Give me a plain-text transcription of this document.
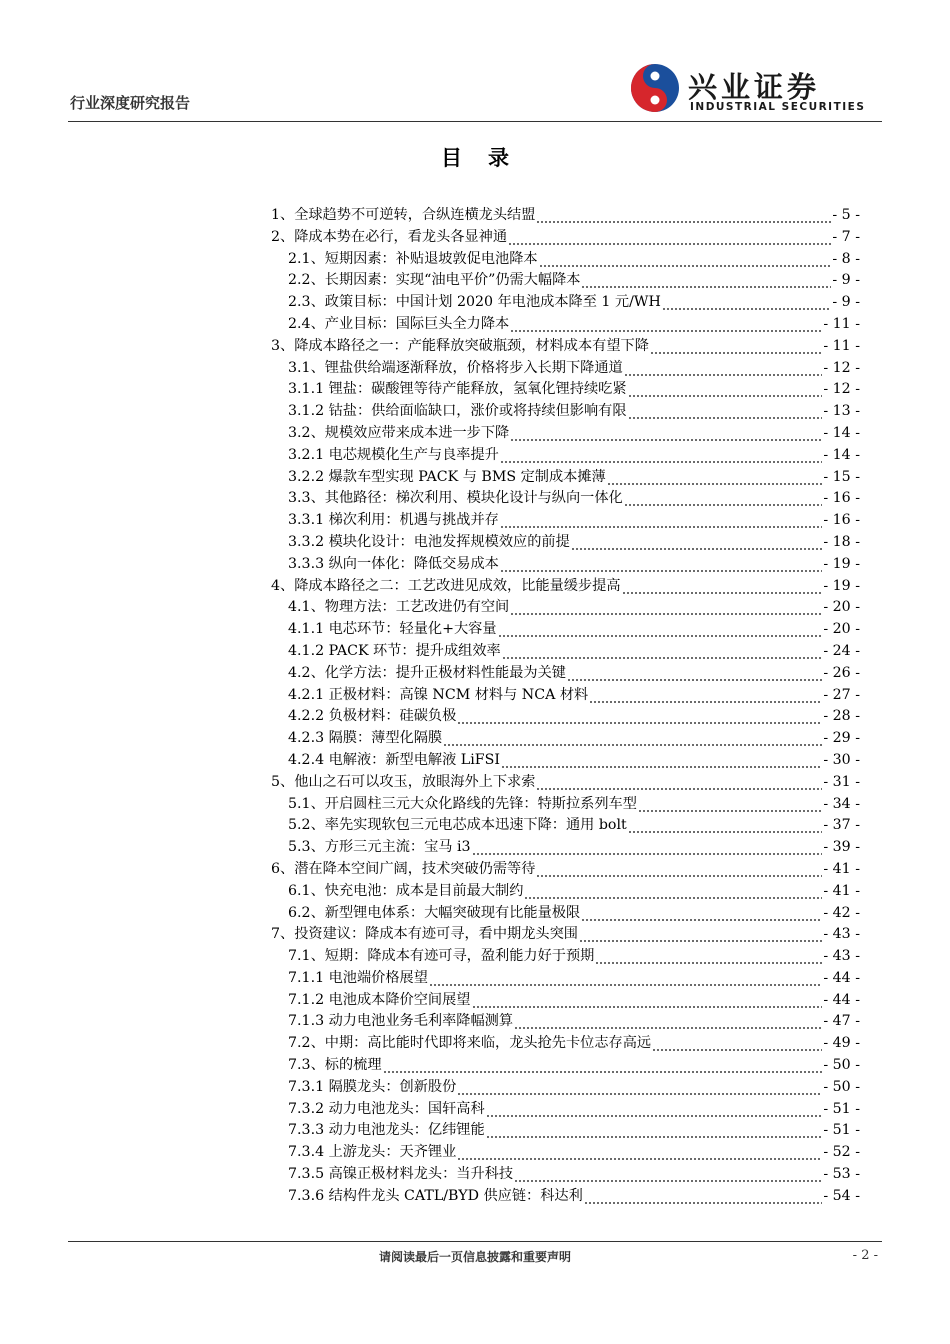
行业深度研究报告	兴业证券
INDUSTRIAL SECURITIES
目录
1、全球趋势不可逆转，合纵连横龙头结盟	- 5 -
2、降成本势在必行，看龙头各显神通	- 7 -
2.1、短期因素：补贴退坡敦促电池降本	- 8 -
2.2、长期因素：实现“油电平价”仍需大幅降本	- 9 -
2.3、政策目标：中国计划 2020 年电池成本降至 1 元/WH	- 9 -
2.4、产业目标：国际巨头全力降本	- 11 -
3、降成本路径之一：产能释放突破瓶颈，材料成本有望下降	- 11 -
3.1、锂盐供给端逐渐释放，价格将步入长期下降通道	- 12 -
3.1.1 锂盐：碳酸锂等待产能释放，氢氧化锂持续吃紧	- 12 -
3.1.2 钴盐：供给面临缺口，涨价或将持续但影响有限	- 13 -
3.2、规模效应带来成本进一步下降	- 14 -
3.2.1 电芯规模化生产与良率提升	- 14 -
3.2.2 爆款车型实现 PACK 与 BMS 定制成本摊薄	- 15 -
3.3、其他路径：梯次利用、模块化设计与纵向一体化	- 16 -
3.3.1 梯次利用：机遇与挑战并存	- 16 -
3.3.2 模块化设计：电池发挥规模效应的前提	- 18 -
3.3.3 纵向一体化：降低交易成本	- 19 -
4、降成本路径之二：工艺改进见成效，比能量缓步提高	- 19 -
4.1、物理方法：工艺改进仍有空间	- 20 -
4.1.1 电芯环节：轻量化+大容量	- 20 -
4.1.2 PACK 环节：提升成组效率	- 24 -
4.2、化学方法：提升正极材料性能最为关键	- 26 -
4.2.1 正极材料：高镍 NCM 材料与 NCA 材料	- 27 -
4.2.2 负极材料：硅碳负极	- 28 -
4.2.3 隔膜：薄型化隔膜	- 29 -
4.2.4 电解液：新型电解液 LiFSI	- 30 -
5、他山之石可以攻玉，放眼海外上下求索	- 31 -
5.1、开启圆柱三元大众化路线的先锋：特斯拉系列车型	- 34 -
5.2、率先实现软包三元电芯成本迅速下降：通用 bolt	- 37 -
5.3、方形三元主流：宝马 i3	- 39 -
6、潜在降本空间广阔，技术突破仍需等待	- 41 -
6.1、快充电池：成本是目前最大制约	- 41 -
6.2、新型锂电体系：大幅突破现有比能量极限	- 42 -
7、投资建议：降成本有迹可寻，看中期龙头突围	- 43 -
7.1、短期：降成本有迹可寻，盈利能力好于预期	- 43 -
7.1.1 电池端价格展望	- 44 -
7.1.2 电池成本降价空间展望	- 44 -
7.1.3 动力电池业务毛利率降幅测算	- 47 -
7.2、中期：高比能时代即将来临，龙头抢先卡位志存高远	- 49 -
7.3、标的梳理	- 50 -
7.3.1 隔膜龙头：创新股份	- 50 -
7.3.2 动力电池龙头：国轩高科	- 51 -
7.3.3 动力电池龙头：亿纬锂能	- 51 -
7.3.4 上游龙头：天齐锂业	- 52 -
7.3.5 高镍正极材料龙头：当升科技	- 53 -
7.3.6 结构件龙头 CATL/BYD 供应链：科达利	- 54 -
请阅读最后一页信息披露和重要声明	- 2 -
